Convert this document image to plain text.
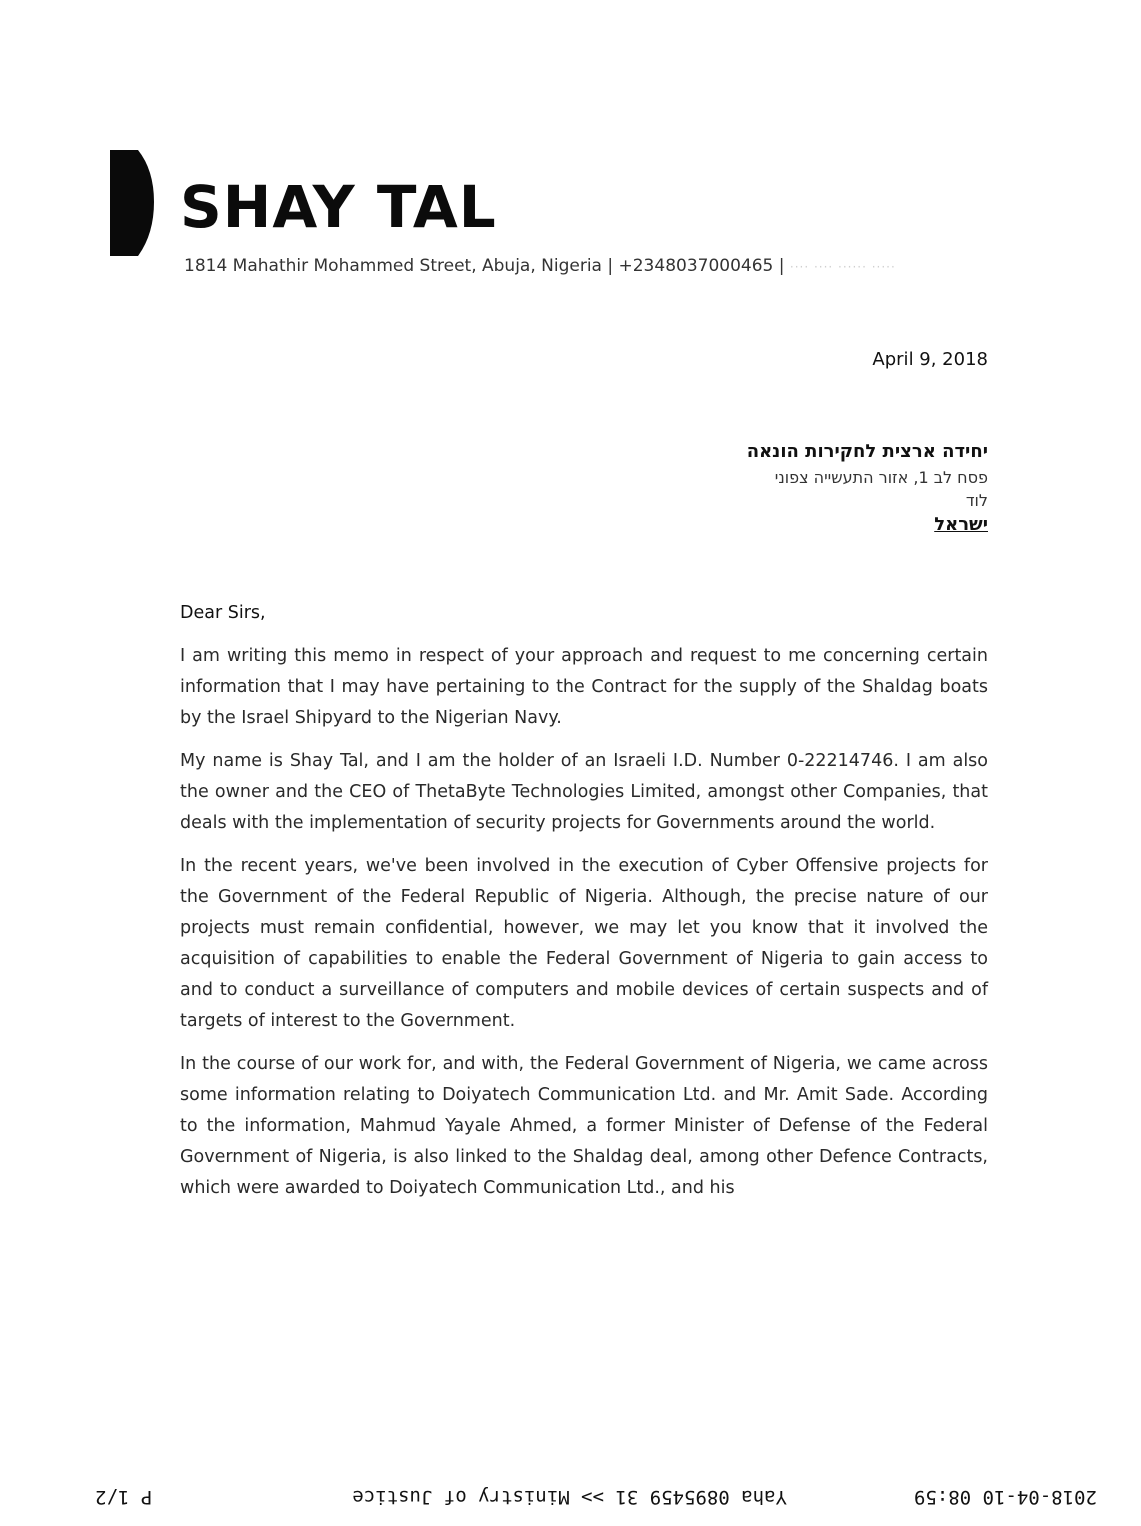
SHAY TAL
1814 Mahathir Mohammed Street, Abuja, Nigeria | +2348037000465 | ···· ···· ······ ·····
April 9, 2018
יחידה ארצית לחקירות הונאה
פסח לב 1, אזור התעשייה צפוני
לוד
ישראל
Dear Sirs,

I am writing this memo in respect of your approach and request to me concerning certain information that I may have pertaining to the Contract for the supply of the Shaldag boats by the Israel Shipyard to the Nigerian Navy.

My name is Shay Tal, and I am the holder of an Israeli I.D. Number 0-22214746. I am also the owner and the CEO of ThetaByte Technologies Limited, amongst other Companies, that deals with the implementation of security projects for Governments around the world.

In the recent years, we've been involved in the execution of Cyber Offensive projects for the Government of the Federal Republic of Nigeria. Although, the precise nature of our projects must remain confidential, however, we may let you know that it involved the acquisition of capabilities to enable the Federal Government of Nigeria to gain access to and to conduct a surveillance of computers and mobile devices of certain suspects and of targets of interest to the Government.

In the course of our work for, and with, the Federal Government of Nigeria, we came across some information relating to Doiyatech Communication Ltd. and Mr. Amit Sade. According to the information, Mahmud Yayale Ahmed, a former Minister of Defense of the Federal Government of Nigeria, is also linked to the Shaldag deal, among other Defence Contracts, which were awarded to Doiyatech Communication Ltd., and his

2018-04-10 08:59
Yaha 0895459 31 >> Ministry of Justice
P 1/2
